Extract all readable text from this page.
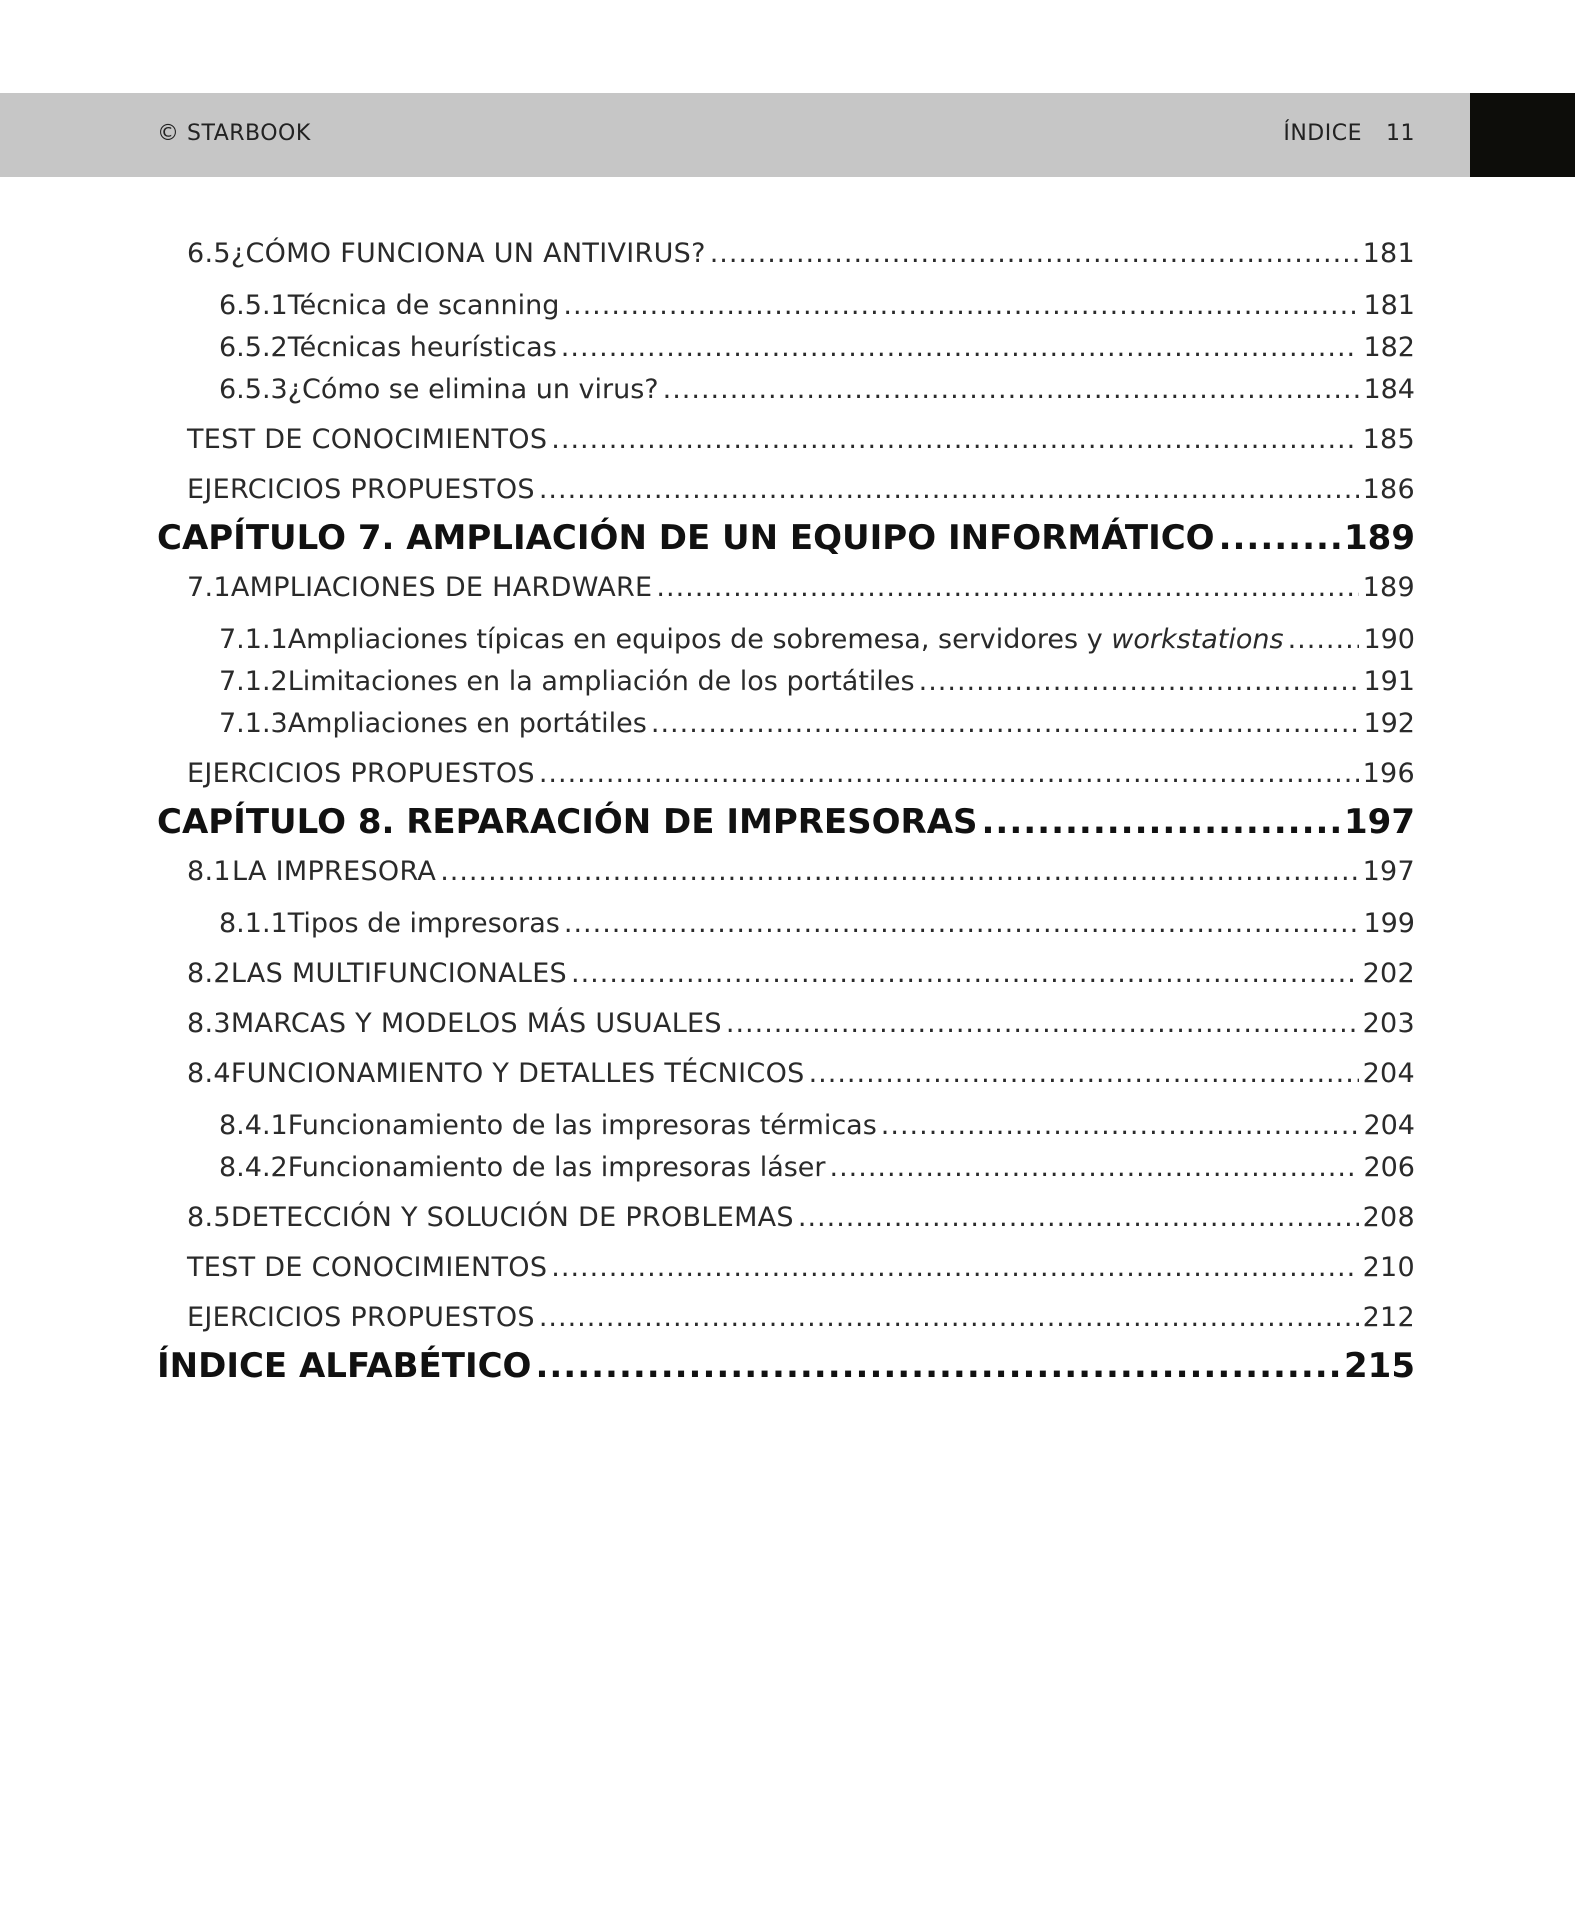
© STARBOOK	ÍNDICE 11
6.5 ¿CÓMO FUNCIONA UN ANTIVIRUS? .....	181
6.5.1 Técnica de scanning .....	181
6.5.2 Técnicas heurísticas .....	182
6.5.3 ¿Cómo se elimina un virus? .....	184
TEST DE CONOCIMIENTOS .....	185
EJERCICIOS PROPUESTOS .....	186
CAPÍTULO 7. AMPLIACIÓN DE UN EQUIPO INFORMÁTICO .....	189
7.1 AMPLIACIONES DE HARDWARE .....	189
7.1.1 Ampliaciones típicas en equipos de sobremesa, servidores y workstations .....	190
7.1.2 Limitaciones en la ampliación de los portátiles .....	191
7.1.3 Ampliaciones en portátiles .....	192
EJERCICIOS PROPUESTOS .....	196
CAPÍTULO 8. REPARACIÓN DE IMPRESORAS .....	197
8.1 LA IMPRESORA .....	197
8.1.1 Tipos de impresoras .....	199
8.2 LAS MULTIFUNCIONALES .....	202
8.3 MARCAS Y MODELOS MÁS USUALES .....	203
8.4 FUNCIONAMIENTO Y DETALLES TÉCNICOS .....	204
8.4.1 Funcionamiento de las impresoras térmicas .....	204
8.4.2 Funcionamiento de las impresoras láser .....	206
8.5 DETECCIÓN Y SOLUCIÓN DE PROBLEMAS .....	208
TEST DE CONOCIMIENTOS .....	210
EJERCICIOS PROPUESTOS .....	212
ÍNDICE ALFABÉTICO .....	215
